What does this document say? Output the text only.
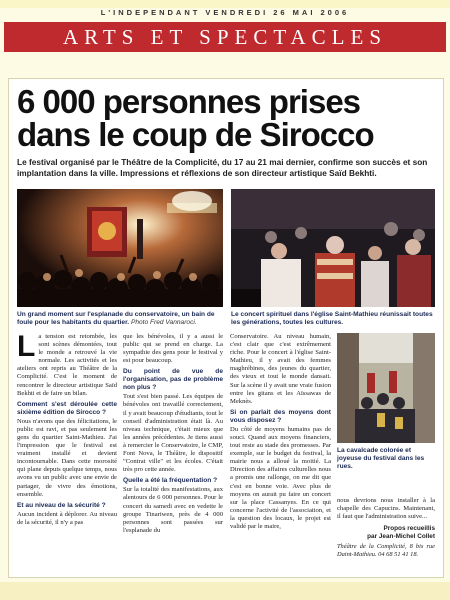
L'INDEPENDANT VENDREDI 26 MAI 2006
ARTS ET SPECTACLES
6 000 personnes prises
dans le coup de Sirocco
Le festival organisé par le Théâtre de la Complicité, du 17 au 21 mai dernier, confirme son succès et son implantation dans la ville. Impressions et réflexions de son directeur artistique Saïd Bekhti.
Un grand moment sur l'esplanade du conservatoire, un bain de foule pour les habitants du quartier. Photo Fred Vannaroci.
Le concert spirituel dans l'église Saint-Mathieu réunissait toutes les générations, toutes les cultures.
L a tension est retombée, les sont scènes démontées, tout le monde a retrouvé la vie normale. Les activités et les ateliers ont repris au Théâtre de la Complicité. C'est le moment de rencontrer le directeur artistique Saïd Bekhti et de faire un bilan.

Comment s'est déroulée cette sixième édition de Sirocco ?

Nous n'avons que des félicitations, le public est ravi, et pas seulement les gens du quartier Saint-Mathieu. J'ai l'impression que le festival est vraiment installé et devient incontournable. Dans cette morosité qui plane depuis quelque temps, nous avons vu un public avec une envie de partager, de vivre des émotions, ensemble.

Et au niveau de la sécurité ?

Aucun incident à déplorer. Au niveau de la sécurité, il n'y a pas

que les bénévoles, il y a aussi le public qui se prend en charge. La sympathie des gens pour le festival y est pour beaucoup.

Du point de vue de l'organisation, pas de problème non plus ?

Tout s'est bien passé. Les équipes de bénévoles ont travaillé correctement, il y avait beaucoup d'étudiants, tout le conseil d'administration était là. Au niveau technique, c'était mieux que les années précédentes. Je tiens aussi à remercier le Conservatoire, le CMP, Font Nova, le Théâtre, le dispositif "Contrat ville" et les écoles. C'était très pro cette année.

Quelle a été la fréquentation ?

Sur la totalité des manifestations, aux alentours de 6 000 personnes. Pour le concert du samedi avec en vedette le groupe Tinariwen, près de 4 000 personnes sont passées sur l'esplanade du

Conservatoire. Au niveau humain, c'est clair que c'est extrêmement riche. Pour le concert à l'église Saint-Mathieu, il y avait des femmes maghrébines, des jeunes du quartier, des vieux et tout le monde dansait. Sur la scène il y avait une vraie fusion entre les gitans et les Aïssawas de Meknès.

Si on parlait des moyens dont vous disposez ?

Du côté de moyens humains pas de souci. Quand aux moyens financiers, tout reste au stade des promesses. Par exemple, sur le budget du festival, la mairie nous a alloué la moitié. La Direction des affaires culturelles nous a promis une rallonge, on me dit que c'est en bonne voie. Avec plus de moyens on aurait pu faire un concert sur la place Cassanyes. En ce qui concerne l'activité de l'association, et la question des locaux, le projet est validé par le maire,

La cavalcade colorée et joyeuse du festival dans les rues.

nous devrions nous installer à la chapelle des Capucins. Maintenant, il faut que l'administration suive...

Propos recueillis
par Jean-Michel Collet
Théâtre de la Complicité, 8 bis rue Daint-Mathieu. 04 68 51 41 18.
